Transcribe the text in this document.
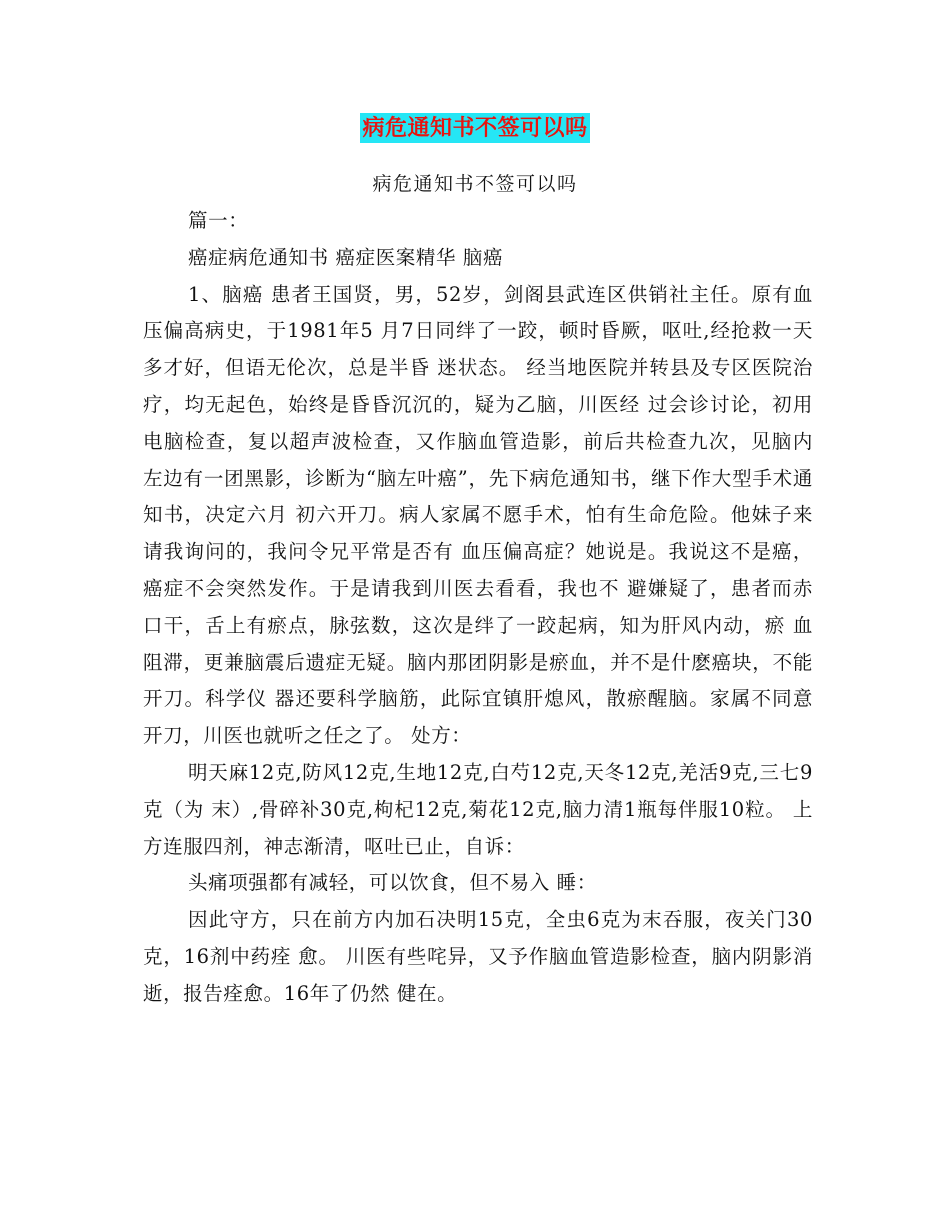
病危通知书不签可以吗
病危通知书不签可以吗

篇一：

癌症病危通知书 癌症医案精华 脑癌

1、脑癌 患者王国贤，男，52岁，剑阁县武连区供销社主任。原有血压偏高病史，于1981年5 月7日同绊了一跤，顿时昏厥，呕吐,经抢救一天多才好，但语无伦次，总是半昏 迷状态。 经当地医院并转县及专区医院治疗，均无起色，始终是昏昏沉沉的，疑为乙脑，川医经 过会诊讨论，初用电脑检查，复以超声波检查，又作脑血管造影，前后共检查九次，见脑内 左边有一团黑影，诊断为“脑左叶癌”，先下病危通知书，继下作大型手术通知书，决定六月 初六开刀。病人家属不愿手术，怕有生命危险。他妹子来请我询问的，我问令兄平常是否有 血压偏高症？她说是。我说这不是癌，癌症不会突然发作。于是请我到川医去看看，我也不 避嫌疑了，患者而赤口干，舌上有瘀点，脉弦数，这次是绊了一跤起病，知为肝风内动，瘀 血阻滞，更兼脑震后遗症无疑。脑内那团阴影是瘀血，并不是什麽癌块，不能开刀。科学仪 器还要科学脑筋，此际宜镇肝熄风，散瘀醒脑。家属不同意开刀，川医也就听之任之了。 处方：

明天麻12克,防风12克,生地12克,白芍12克,天冬12克,羌活9克,三七9克（为 末）,骨碎补30克,枸杞12克,菊花12克,脑力清1瓶每伴服10粒。 上方连服四剂，神志渐清，呕吐已止，自诉：

头痛项强都有减轻，可以饮食，但不易入 睡：

因此守方，只在前方内加石决明15克，全虫6克为末吞服，夜关门30克，16剂中药痊 愈。 川医有些咤异，又予作脑血管造影检查，脑内阴影消逝，报告痊愈。16年了仍然 健在。
